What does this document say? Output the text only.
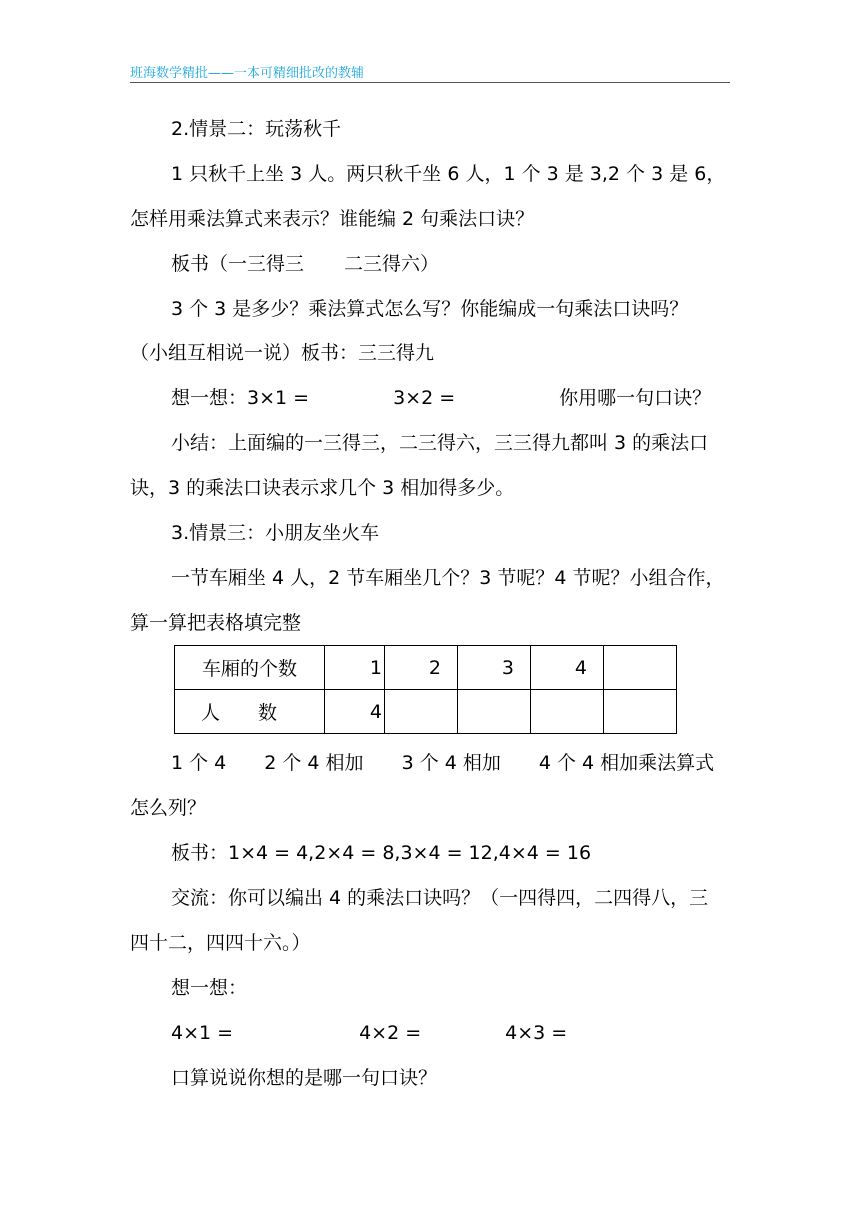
班海数学精批——一本可精细批改的教辅
2.情景二：玩荡秋千
1 只秋千上坐 3 人。两只秋千坐 6 人，1 个 3 是 3,2 个 3 是 6，
怎样用乘法算式来表示？谁能编 2 句乘法口诀？
板书（一三得三 二三得六）
3 个 3 是多少？乘法算式怎么写？你能编成一句乘法口诀吗？
（小组互相说一说）板书：三三得九
想一想：3×1 =	3×2 =	你用哪一句口诀？
小结：上面编的一三得三，二三得六，三三得九都叫 3 的乘法口
诀，3 的乘法口诀表示求几个 3 相加得多少。
3.情景三：小朋友坐火车
一节车厢坐 4 人，2 节车厢坐几个？3 节呢？4 节呢？小组合作，
算一算把表格填完整
车厢的个数	1	2	3	4	
人　　数	4				
1 个 4 2 个 4 相加 3 个 4 相加 4 个 4 相加乘法算式
怎么列？
板书：1×4 = 4,2×4 = 8,3×4 = 12,4×4 = 16
交流：你可以编出 4 的乘法口诀吗？（一四得四，二四得八，三
四十二，四四十六。）
想一想：
4×1 =	4×2 =	4×3 =
口算说说你想的是哪一句口诀？
